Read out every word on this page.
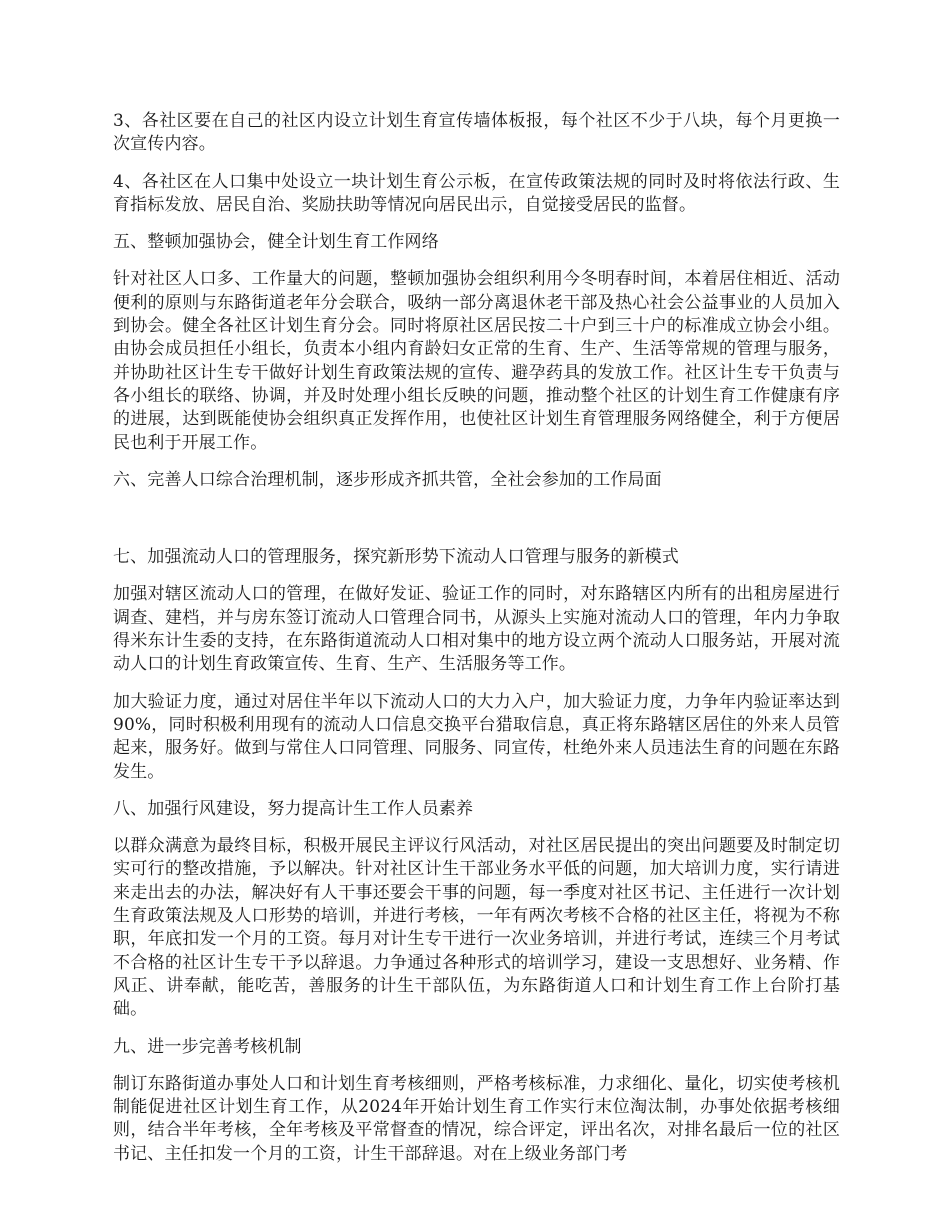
3、各社区要在自己的社区内设立计划生育宣传墙体板报，每个社区不少于八块，每个月更换一次宣传内容。

4、各社区在人口集中处设立一块计划生育公示板，在宣传政策法规的同时及时将依法行政、生育指标发放、居民自治、奖励扶助等情况向居民出示，自觉接受居民的监督。

五、整顿加强协会，健全计划生育工作网络

针对社区人口多、工作量大的问题，整顿加强协会组织利用今冬明春时间，本着居住相近、活动便利的原则与东路街道老年分会联合，吸纳一部分离退休老干部及热心社会公益事业的人员加入到协会。健全各社区计划生育分会。同时将原社区居民按二十户到三十户的标准成立协会小组。由协会成员担任小组长，负责本小组内育龄妇女正常的生育、生产、生活等常规的管理与服务，并协助社区计生专干做好计划生育政策法规的宣传、避孕药具的发放工作。社区计生专干负责与各小组长的联络、协调，并及时处理小组长反映的问题，推动整个社区的计划生育工作健康有序的进展，达到既能使协会组织真正发挥作用，也使社区计划生育管理服务网络健全，利于方便居民也利于开展工作。

六、完善人口综合治理机制，逐步形成齐抓共管，全社会参加的工作局面

七、加强流动人口的管理服务，探究新形势下流动人口管理与服务的新模式

加强对辖区流动人口的管理，在做好发证、验证工作的同时，对东路辖区内所有的出租房屋进行调查、建档，并与房东签订流动人口管理合同书，从源头上实施对流动人口的管理，年内力争取得米东计生委的支持，在东路街道流动人口相对集中的地方设立两个流动人口服务站，开展对流动人口的计划生育政策宣传、生育、生产、生活服务等工作。

加大验证力度，通过对居住半年以下流动人口的大力入户，加大验证力度，力争年内验证率达到90%，同时积极利用现有的流动人口信息交换平台猎取信息，真正将东路辖区居住的外来人员管起来，服务好。做到与常住人口同管理、同服务、同宣传，杜绝外来人员违法生育的问题在东路发生。

八、加强行风建设，努力提高计生工作人员素养

以群众满意为最终目标，积极开展民主评议行风活动，对社区居民提出的突出问题要及时制定切实可行的整改措施，予以解决。针对社区计生干部业务水平低的问题，加大培训力度，实行请进来走出去的办法，解决好有人干事还要会干事的问题，每一季度对社区书记、主任进行一次计划生育政策法规及人口形势的培训，并进行考核，一年有两次考核不合格的社区主任，将视为不称职，年底扣发一个月的工资。每月对计生专干进行一次业务培训，并进行考试，连续三个月考试不合格的社区计生专干予以辞退。力争通过各种形式的培训学习，建设一支思想好、业务精、作风正、讲奉献，能吃苦，善服务的计生干部队伍，为东路街道人口和计划生育工作上台阶打基础。

九、进一步完善考核机制

制订东路街道办事处人口和计划生育考核细则，严格考核标准，力求细化、量化，切实使考核机制能促进社区计划生育工作，从2024年开始计划生育工作实行末位淘汰制，办事处依据考核细则，结合半年考核，全年考核及平常督查的情况，综合评定，评出名次，对排名最后一位的社区书记、主任扣发一个月的工资，计生干部辞退。对在上级业务部门考
